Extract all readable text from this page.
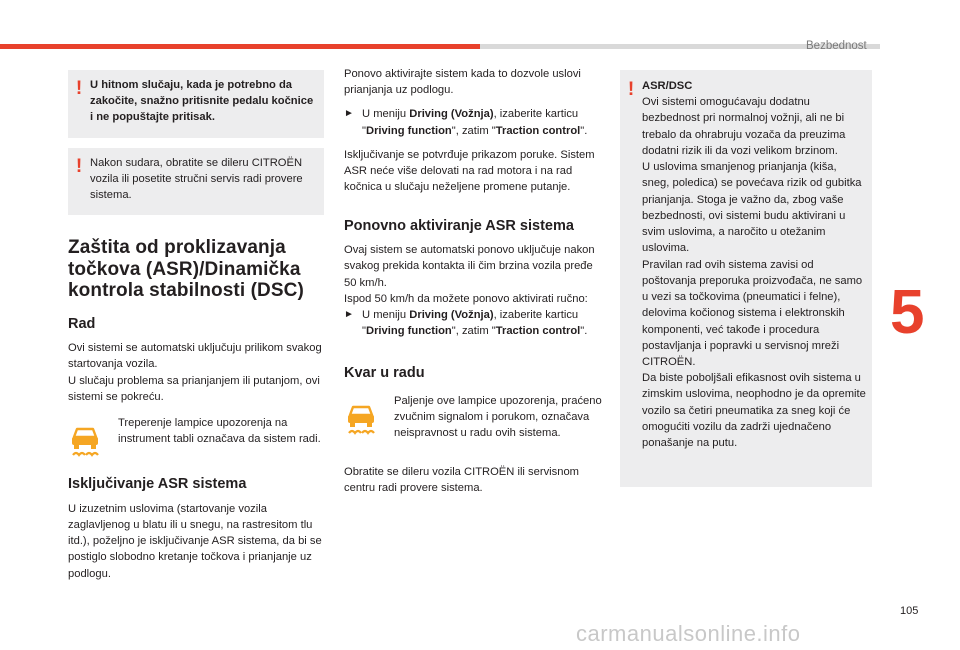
Bezbednost
5
! U hitnom slučaju, kada je potrebno da zakočite, snažno pritisnite pedalu kočnice i ne popuštajte pritisak.

! Nakon sudara, obratite se dileru CITROËN vozila ili posetite stručni servis radi provere sistema.

Zaštita od proklizavanja točkova (ASR)/Dinamička kontrola stabilnosti (DSC)
Rad

Ovi sistemi se automatski uključuju prilikom svakog startovanja vozila.
U slučaju problema sa prianjanjem ili putanjom, ovi sistemi se pokreću.

Treperenje lampice upozorenja na instrument tabli označava da sistem radi.
Isključivanje ASR sistema

U izuzetnim uslovima (startovanje vozila zaglavljenog u blatu ili u snegu, na rastresitom tlu itd.), poželjno je isključivanje ASR sistema, da bi se postiglo slobodno kretanje točkova i prianjanje uz podlogu.

Ponovo aktivirajte sistem kada to dozvole uslovi prianjanja uz podlogu.

► U meniju Driving (Vožnja), izaberite karticu "Driving function", zatim "Traction control".

Isključivanje se potvrđuje prikazom poruke. Sistem ASR neće više delovati na rad motora i na rad kočnica u slučaju neželjene promene putanje.

Ponovno aktiviranje ASR sistema

Ovaj sistem se automatski ponovo uključuje nakon svakog prekida kontakta ili čim brzina vozila pređe 50 km/h.
Ispod 50 km/h da možete ponovo aktivirati ručno:

► U meniju Driving (Vožnja), izaberite karticu "Driving function", zatim "Traction control".
Kvar u radu
Paljenje ove lampice upozorenja, praćeno zvučnim signalom i porukom, označava neispravnost u radu ovih sistema.

Obratite se dileru vozila CITROËN ili servisnom centru radi provere sistema.

! ASR/DSC

Ovi sistemi omogućavaju dodatnu bezbednost pri normalnoj vožnji, ali ne bi trebalo da ohrabruju vozača da preuzima dodatni rizik ili da vozi velikom brzinom.

U uslovima smanjenog prianjanja (kiša, sneg, poledica) se povećava rizik od gubitka prianjanja. Stoga je važno da, zbog vaše bezbednosti, ovi sistemi budu aktivirani u svim uslovima, a naročito u otežanim uslovima.

Pravilan rad ovih sistema zavisi od poštovanja preporuka proizvođača, ne samo u vezi sa točkovima (pneumatici i felne), delovima kočionog sistema i elektronskih komponenti, već takođe i procedura postavljanja i popravki u servisnoj mreži CITROËN.

Da biste poboljšali efikasnost ovih sistema u zimskim uslovima, neophodno je da opremite vozilo sa četiri pneumatika za sneg koji će omogućiti vozilu da zadrži ujednačeno ponašanje na putu.

105
carmanualsonline.info
